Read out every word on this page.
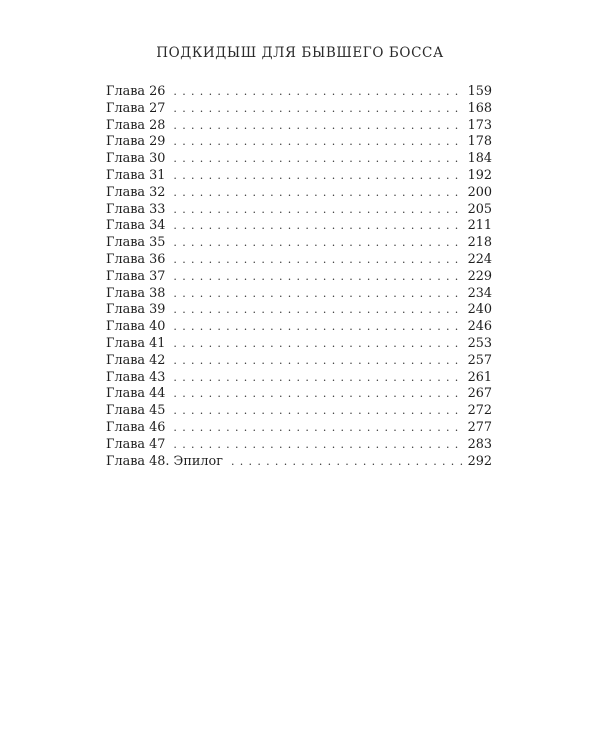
ПОДКИДЫШ ДЛЯ БЫВШЕГО БОССА
Глава 26 . . .	159
Глава 27 . . .	168
Глава 28 . . .	173
Глава 29 . . .	178
Глава 30 . . .	184
Глава 31 . . .	192
Глава 32 . . .	200
Глава 33 . . .	205
Глава 34 . . .	211
Глава 35 . . .	218
Глава 36 . . .	224
Глава 37 . . .	229
Глава 38 . . .	234
Глава 39 . . .	240
Глава 40 . . .	246
Глава 41 . . .	253
Глава 42 . . .	257
Глава 43 . . .	261
Глава 44 . . .	267
Глава 45 . . .	272
Глава 46 . . .	277
Глава 47 . . .	283
Глава 48. Эпилог . . .	292
